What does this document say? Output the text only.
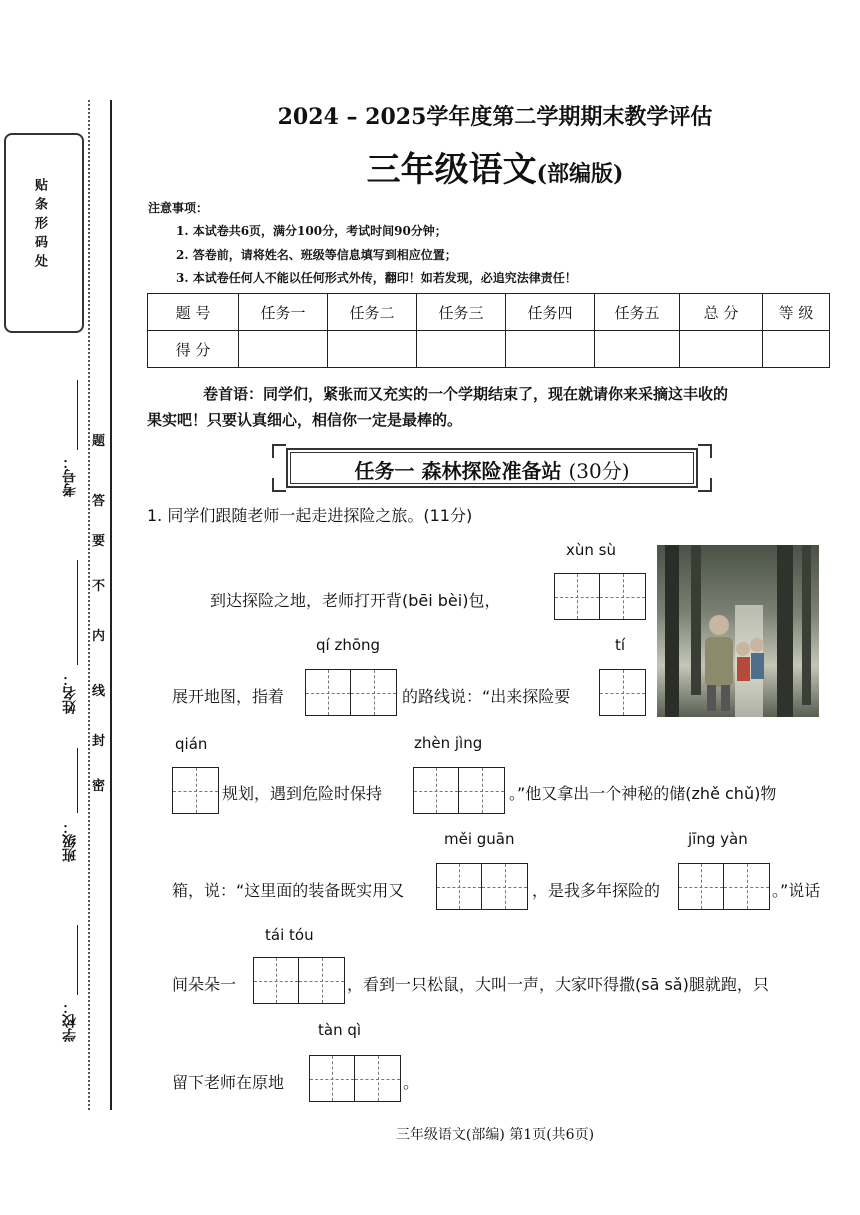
贴条形码处
考号：
姓名：
班级：
学校：
题
答
要
不
内
线
封
密
2024 – 2025学年度第二学期期末教学评估
三年级语文(部编版)
注意事项：
1. 本试卷共6页，满分100分，考试时间90分钟；
2. 答卷前，请将姓名、班级等信息填写到相应位置；
3. 本试卷任何人不能以任何形式外传，翻印！如若发现，必追究法律责任！
题 号	任务一	任务二	任务三	任务四	任务五	总 分	等 级
得 分							
卷首语：同学们，紧张而又充实的一个学期结束了，现在就请你来采摘这丰收的
果实吧！只要认真细心，相信你一定是最棒的。
任务一 森林探险准备站 (30分)
1. 同学们跟随老师一起走进探险之旅。(11分)
xùn sù
到达探险之地，老师打开背(bēi bèi)包，
qí zhōng	tí
展开地图，指着	的路线说：“出来探险要
qián	zhèn jìng
规划，遇到危险时保持	。”他又拿出一个神秘的储(zhě chǔ)物
měi guān	jīng yàn
箱，说：“这里面的装备既实用又	，是我多年探险的	。”说话
tái tóu
间朵朵一	，看到一只松鼠，大叫一声，大家吓得撒(sā sǎ)腿就跑，只
tàn qì
留下老师在原地	。
三年级语文(部编) 第1页(共6页)
